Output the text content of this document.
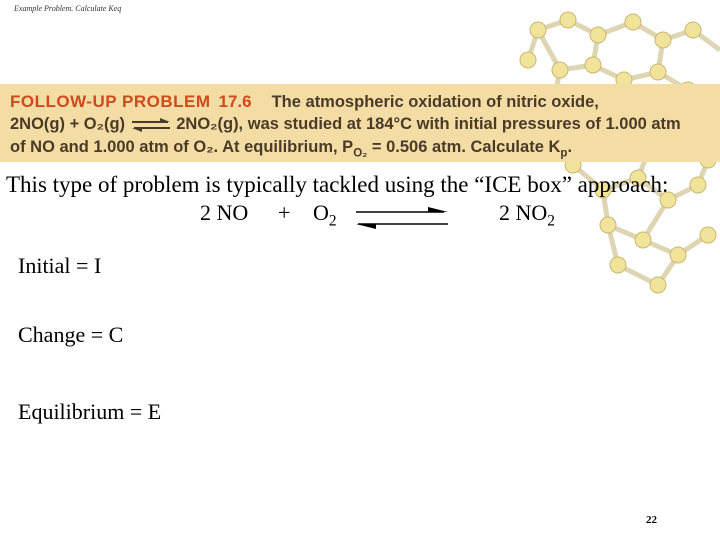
Example Problem. Calculate Keq
FOLLOW-UP PROBLEM 17.6 The atmospheric oxidation of nitric oxide,
2NO(g) + O₂(g)	2NO₂(g), was studied at 184°C with initial pressures of 1.000 atm
of NO and 1.000 atm of O₂. At equilibrium, $P_{O_2} = 0.506$ atm. Calculate $K_p$.
This type of problem is typically tackled using the “ICE box” approach:
2 NO + $O_2$	2 $NO_2$
Initial = I
Change = C
Equilibrium = E
22
